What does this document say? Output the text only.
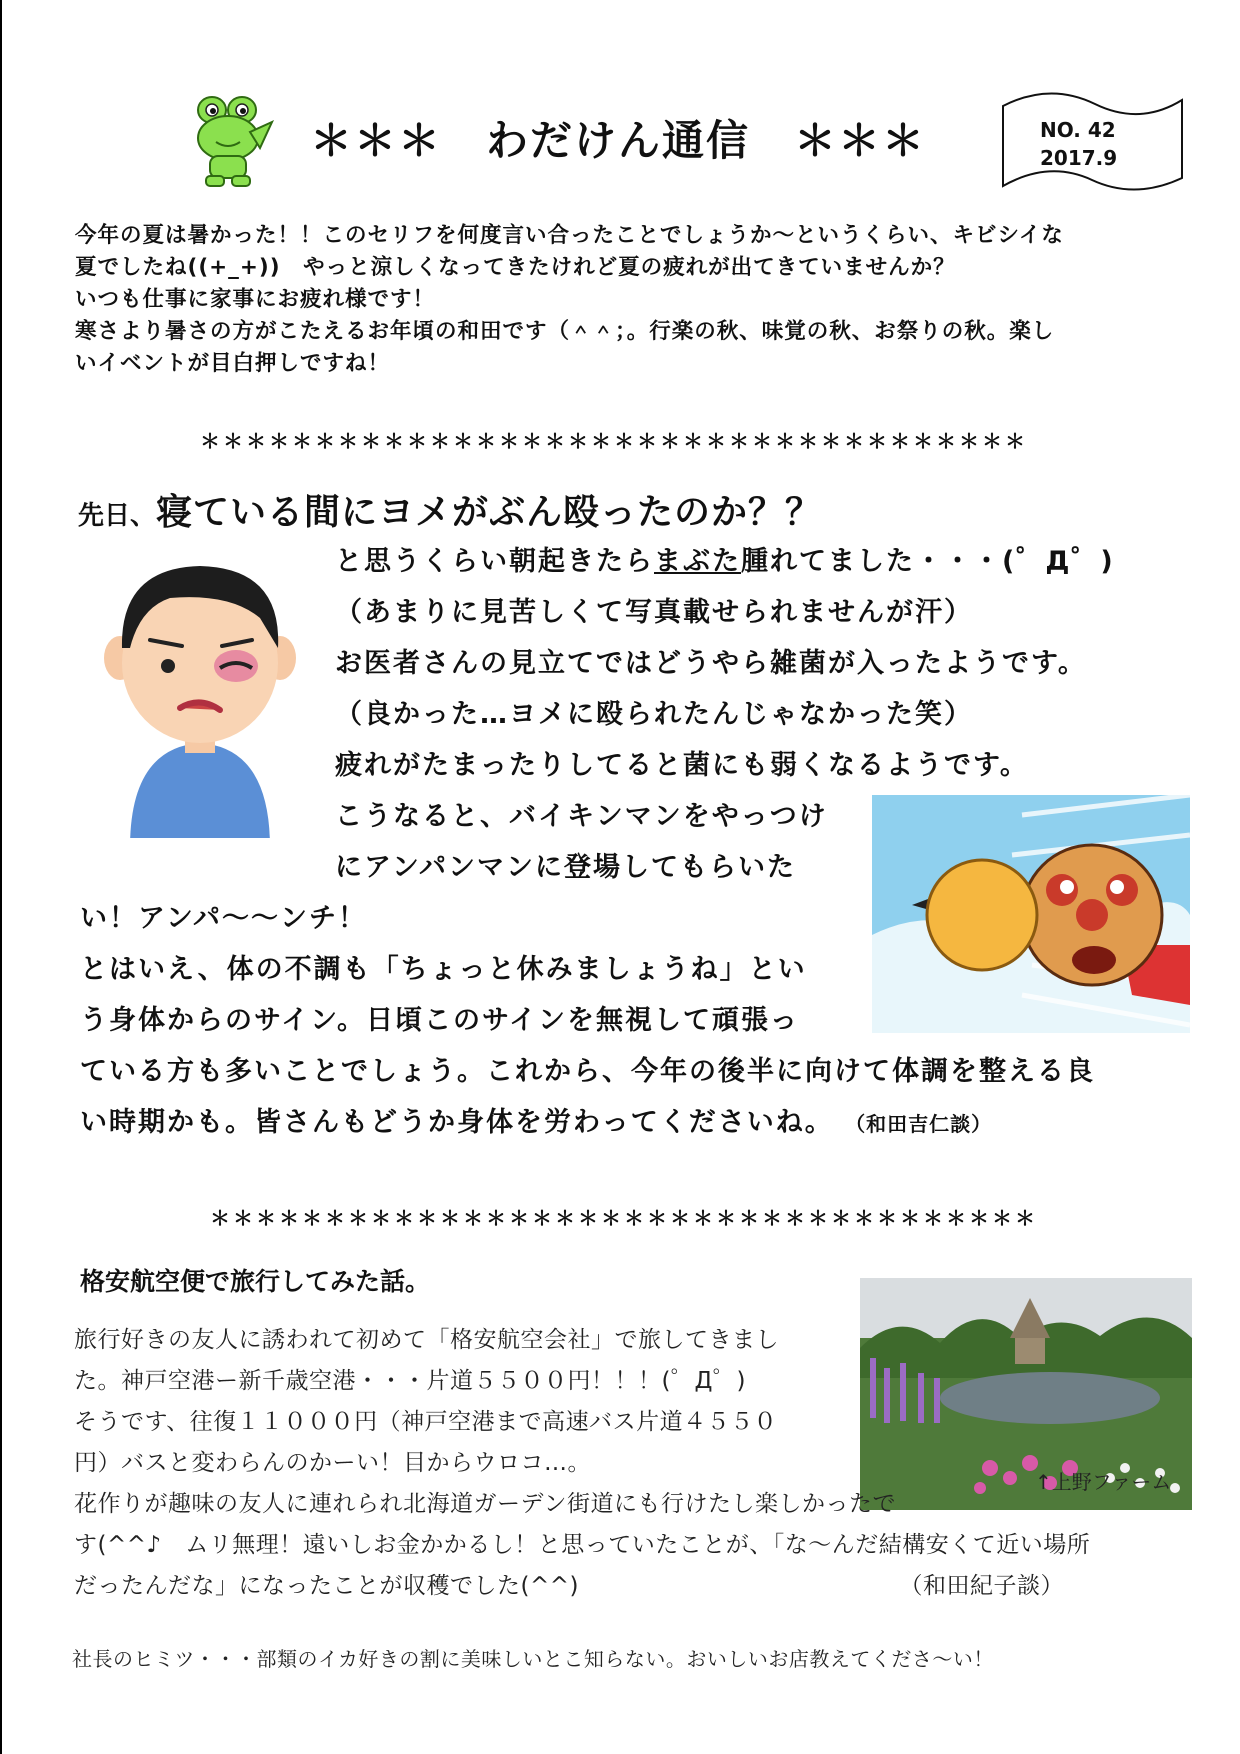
＊＊＊　わだけん通信　＊＊＊	NO. 42
2017.9

今年の夏は暑かった！！このセリフを何度言い合ったことでしょうか〜というくらい、キビシイな

夏でしたね((+_+))　やっと涼しくなってきたけれど夏の疲れが出てきていませんか？

いつも仕事に家事にお疲れ様です！

寒さより暑さの方がこたえるお年頃の和田です（＾＾；。行楽の秋、味覚の秋、お祭りの秋。楽し

いイベントが目白押しですね！

＊＊＊＊＊＊＊＊＊＊＊＊＊＊＊＊＊＊＊＊＊＊＊＊＊＊＊＊＊＊＊＊＊＊＊＊
先日、寝ている間にヨメがぶん殴ったのか？？

と思うくらい朝起きたらまぶた腫れてました・・・(゜Д゜)

（あまりに見苦しくて写真載せられませんが汗）

お医者さんの見立てではどうやら雑菌が入ったようです。

（良かった…ヨメに殴られたんじゃなかった笑）

疲れがたまったりしてると菌にも弱くなるようです。

こうなると、バイキンマンをやっつけ

にアンパンマンに登場してもらいた

い！アンパ〜〜ンチ！

とはいえ、体の不調も「ちょっと休みましょうね」とい

う身体からのサイン。日頃このサインを無視して頑張っ

ている方も多いことでしょう。これから、今年の後半に向けて体調を整える良

い時期かも。皆さんもどうか身体を労わってくださいね。 （和田吉仁談）
＊＊＊＊＊＊＊＊＊＊＊＊＊＊＊＊＊＊＊＊＊＊＊＊＊＊＊＊＊＊＊＊＊＊＊＊
格安航空便で旅行してみた話。

旅行好きの友人に誘われて初めて「格安航空会社」で旅してきまし

た。神戸空港ー新千歳空港・・・片道５５００円！！！(゜Д゜)

そうです、往復１１０００円（神戸空港まで高速バス片道４５５０

円）バスと変わらんのかーい！目からウロコ…。

↑上野ファーム

花作りが趣味の友人に連れられ北海道ガーデン街道にも行けたし楽しかったで

す(^^♪　ムリ無理！遠いしお金かかるし！と思っていたことが、「な〜んだ結構安くて近い場所

だったんだな」になったことが収穫でした(^^)	（和田紀子談）

社長のヒミツ・・・部類のイカ好きの割に美味しいとこ知らない。おいしいお店教えてくださ〜い！
